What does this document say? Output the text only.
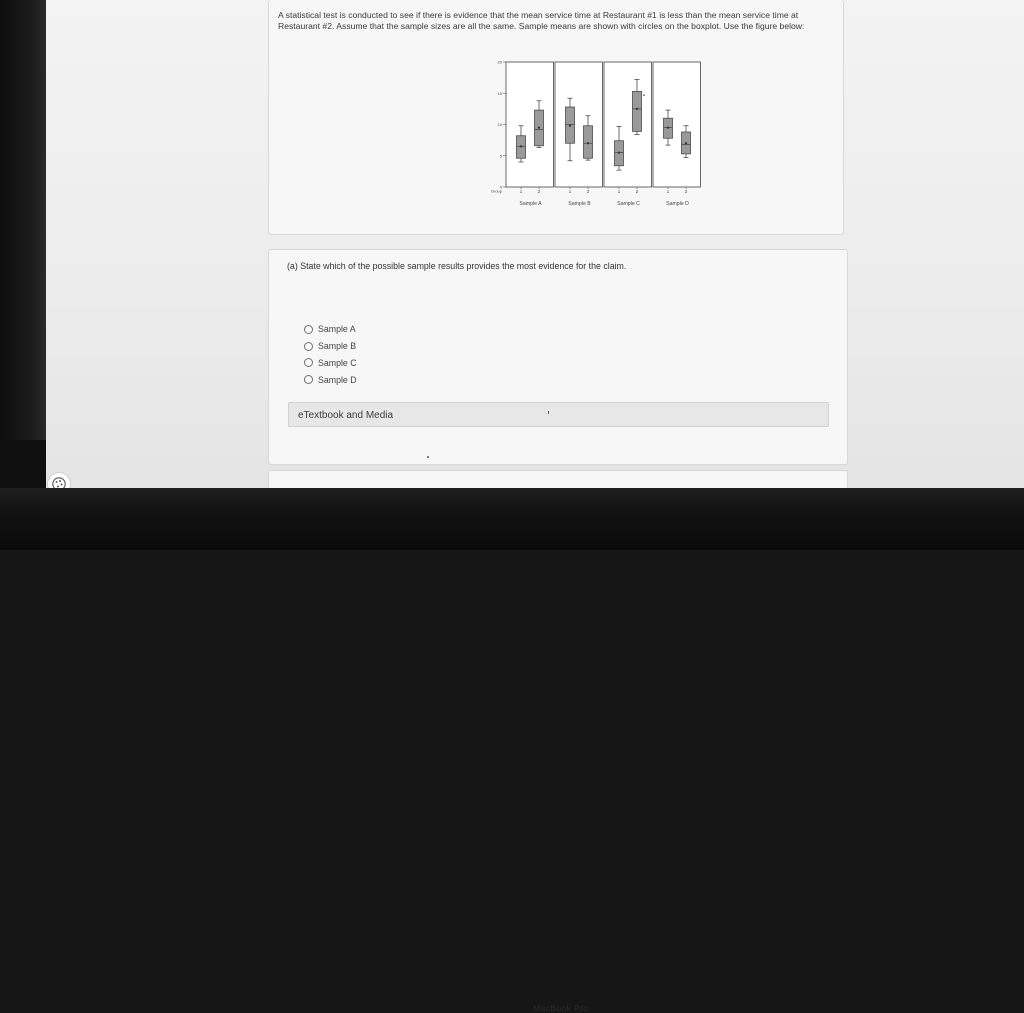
A statistical test is conducted to see if there is evidence that the mean service time at Restaurant #1 is less than the mean service time at Restaurant #2. Assume that the sample sizes are all the same. Sample means are shown with circles on the boxplot. Use the figure below:
0
5
10
15
20
Group
Sample A
1	2
Sample B
1	2
Sample C
1	2
Sample D
1	2
(a) State which of the possible sample results provides the most evidence for the claim.
Sample A
Sample B
Sample C
Sample D
eTextbook and Media
MacBook Pro
